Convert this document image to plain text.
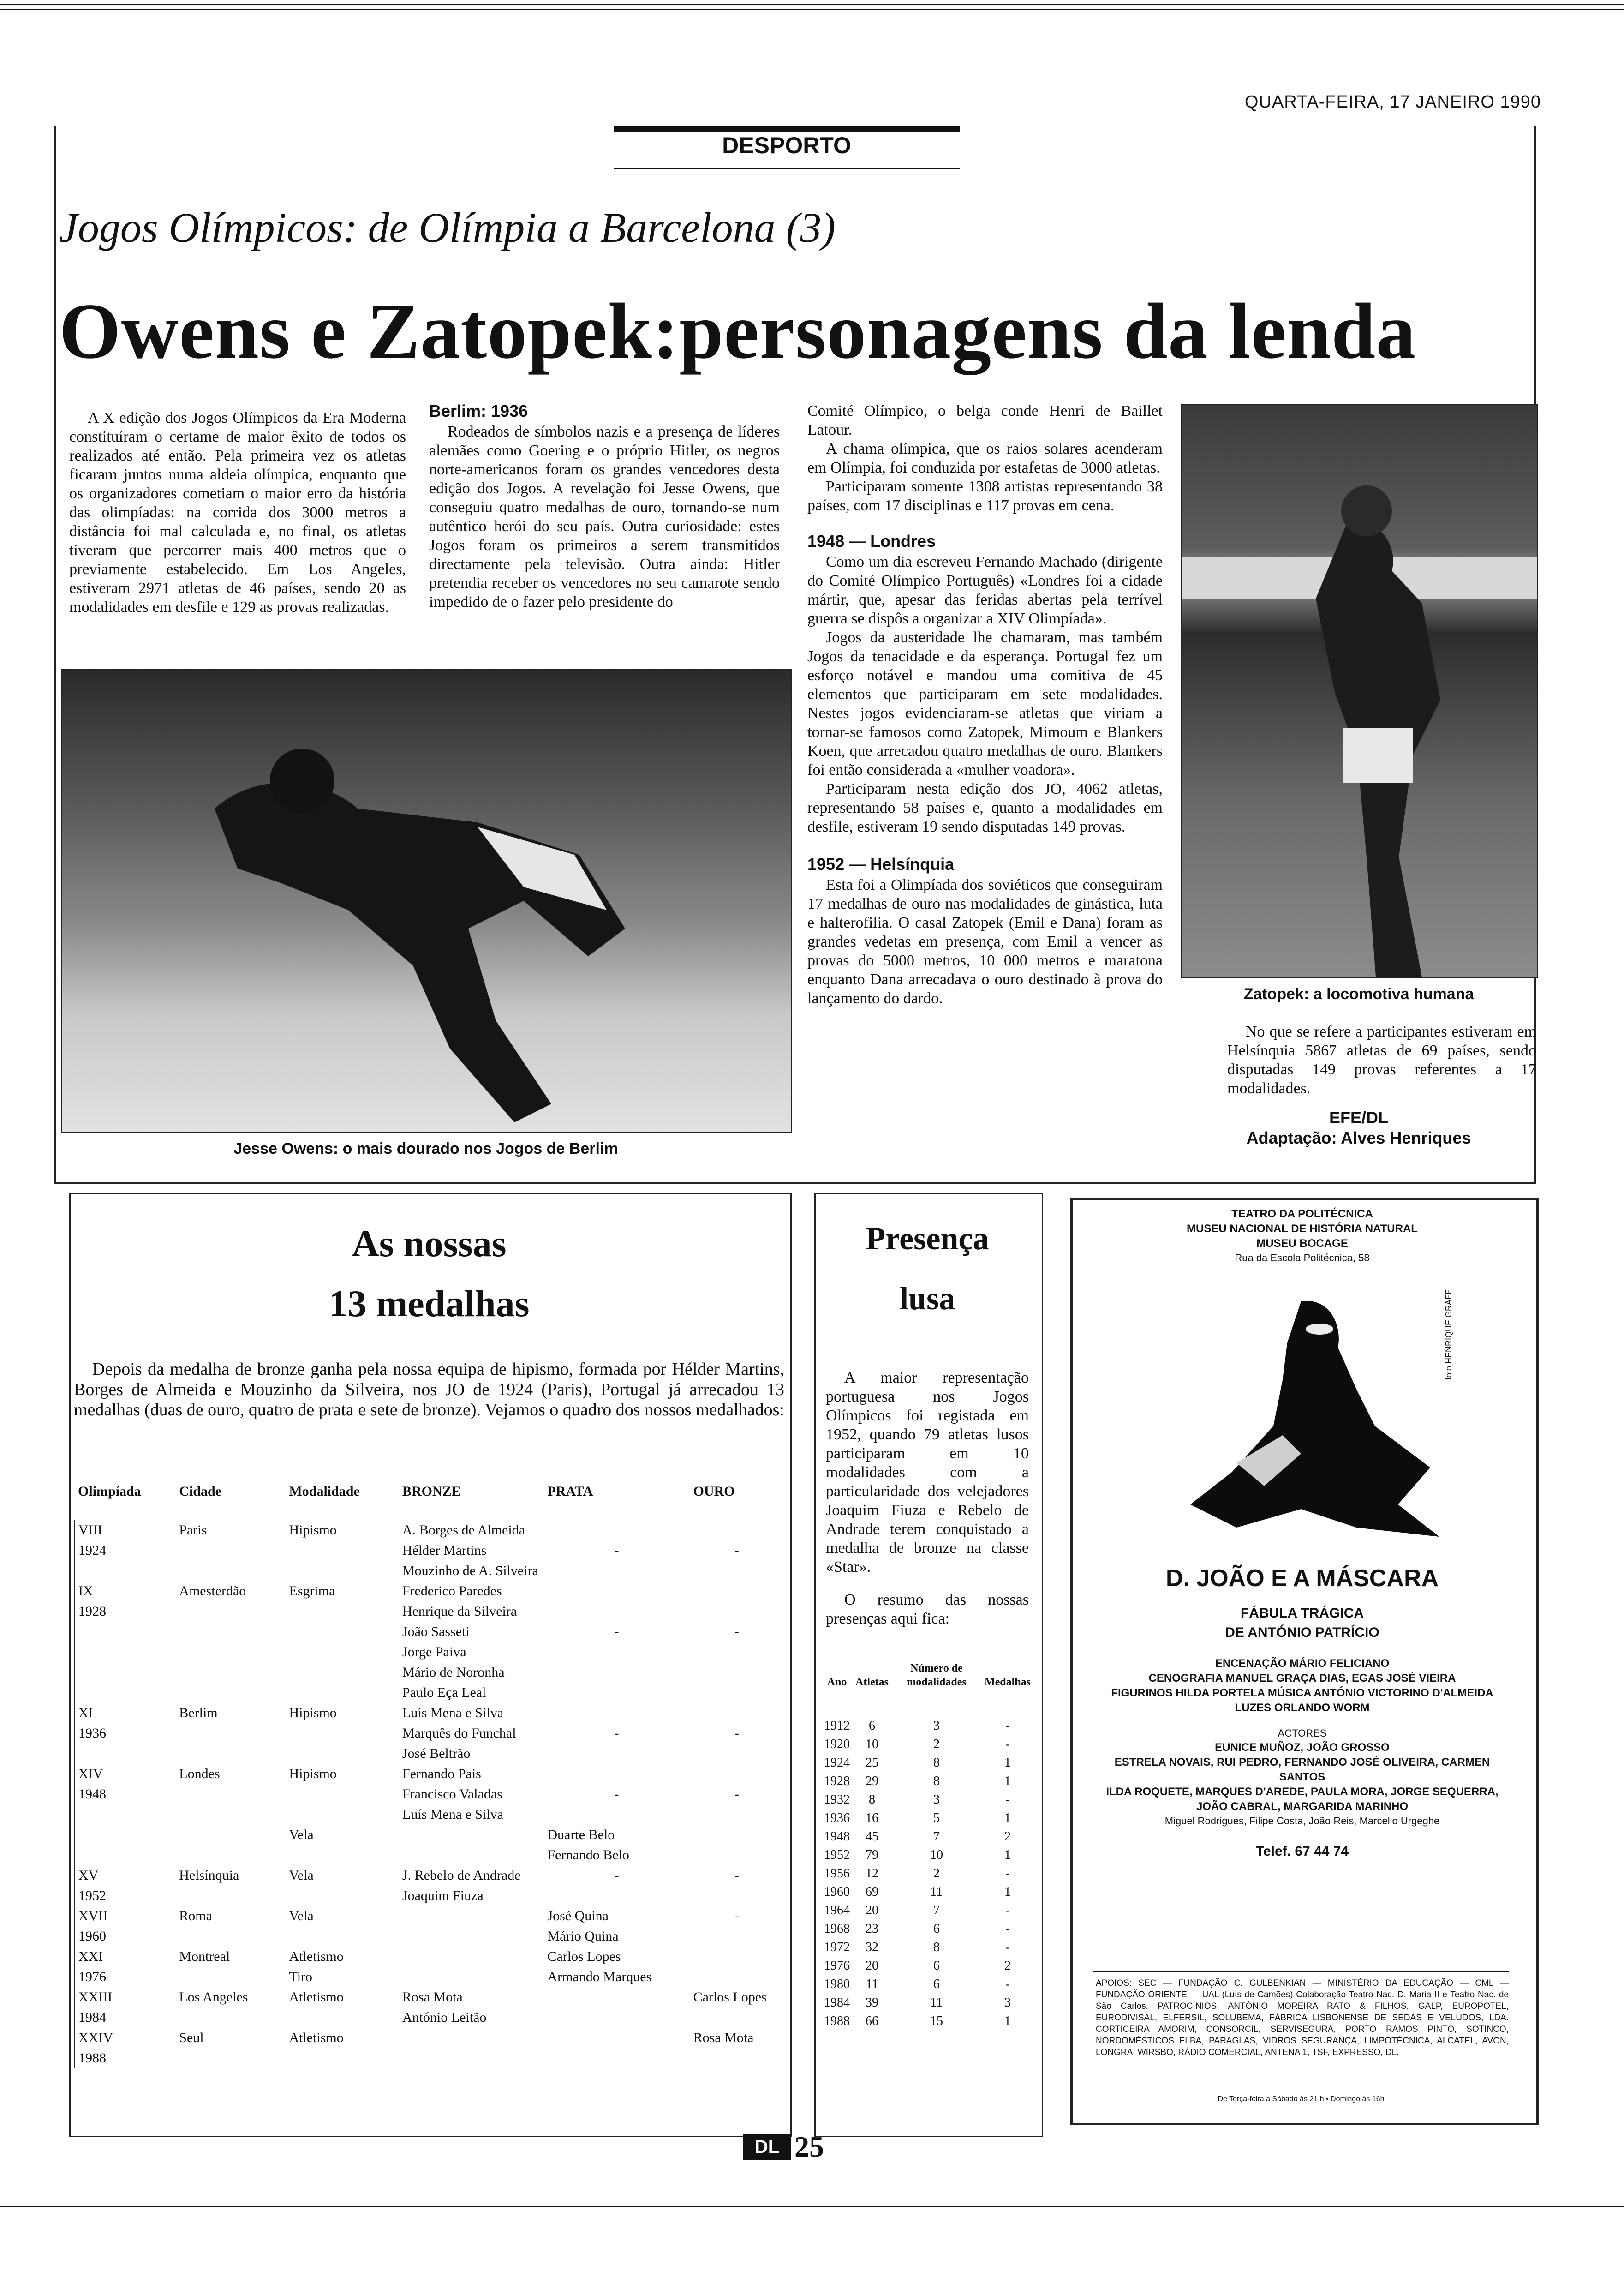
QUARTA-FEIRA, 17 JANEIRO 1990
DESPORTO
Jogos Olímpicos: de Olímpia a Barcelona (3)
Owens e Zatopek:personagens da lenda

A X edição dos Jogos Olímpicos da Era Moderna constituíram o certame de maior êxito de todos os realizados até então. Pela primeira vez os atletas ficaram juntos numa aldeia olímpica, enquanto que os organizadores cometiam o maior erro da história das olimpíadas: na corrida dos 3000 metros a distância foi mal calculada e, no final, os atletas tiveram que percorrer mais 400 metros que o previamente estabelecido. Em Los Angeles, estiveram 2971 atletas de 46 países, sendo 20 as modalidades em desfile e 129 as provas realizadas.

Berlim: 1936

Rodeados de símbolos nazis e a presença de líderes alemães como Goering e o próprio Hitler, os negros norte-americanos foram os grandes vencedores desta edição dos Jogos. A revelação foi Jesse Owens, que conseguiu quatro medalhas de ouro, tornando-se num autêntico herói do seu país. Outra curiosidade: estes Jogos foram os primeiros a serem transmitidos directamente pela televisão. Outra ainda: Hitler pretendia receber os vencedores no seu camarote sendo impedido de o fazer pelo presidente do

Comité Olímpico, o belga conde Henri de Baillet Latour.

A chama olímpica, que os raios solares acenderam em Olímpia, foi conduzida por estafetas de 3000 atletas.

Participaram somente 1308 artistas representando 38 países, com 17 disciplinas e 117 provas em cena.

1948 — Londres

Como um dia escreveu Fernando Machado (dirigente do Comité Olímpico Português) «Londres foi a cidade mártir, que, apesar das feridas abertas pela terrível guerra se dispôs a organizar a XIV Olimpíada».

Jogos da austeridade lhe chamaram, mas também Jogos da tenacidade e da esperança. Portugal fez um esforço notável e mandou uma comitiva de 45 elementos que participaram em sete modalidades. Nestes jogos evidenciaram-se atletas que viriam a tornar-se famosos como Zatopek, Mimoum e Blankers Koen, que arrecadou quatro medalhas de ouro. Blankers foi então considerada a «mulher voadora».

Participaram nesta edição dos JO, 4062 atletas, representando 58 países e, quanto a modalidades em desfile, estiveram 19 sendo disputadas 149 provas.

1952 — Helsínquia

Esta foi a Olimpíada dos soviéticos que conseguiram 17 medalhas de ouro nas modalidades de ginástica, luta e halterofilia. O casal Zatopek (Emil e Dana) foram as grandes vedetas em presença, com Emil a vencer as provas do 5000 metros, 10 000 metros e maratona enquanto Dana arrecadava o ouro destinado à prova do lançamento do dardo.	Zatopek: a locomotiva humana

No que se refere a participantes estiveram em Helsínquia 5867 atletas de 69 países, sendo disputadas 149 provas referentes a 17 modalidades.

EFE/DL
Adaptação: Alves Henriques
Jesse Owens: o mais dourado nos Jogos de Berlim
As nossas
13 medalhas

Depois da medalha de bronze ganha pela nossa equipa de hipismo, formada por Hélder Martins, Borges de Almeida e Mouzinho da Silveira, nos JO de 1924 (Paris), Portugal já arrecadou 13 medalhas (duas de ouro, quatro de prata e sete de bronze). Vejamos o quadro dos nossos medalhados:

Olimpíada	Cidade	Modalidade	BRONZE	PRATA	OURO
VIII	Paris	Hipismo	A. Borges de Almeida		
1924			Hélder Martins	-	-
			Mouzinho de A. Silveira		
IX	Amesterdão	Esgrima	Frederico Paredes		
1928			Henrique da Silveira		
			João Sasseti	-	-
			Jorge Paiva		
			Mário de Noronha		
			Paulo Eça Leal		
XI	Berlim	Hipismo	Luís Mena e Silva		
1936			Marquês do Funchal	-	-
			José Beltrão		
XIV	Londes	Hipismo	Fernando Pais		
1948			Francisco Valadas	-	-
			Luís Mena e Silva		
		Vela		Duarte Belo	
				Fernando Belo	
XV	Helsínquia	Vela	J. Rebelo de Andrade	-	-
1952			Joaquim Fiuza		
XVII	Roma	Vela		José Quina	-
1960				Mário Quina	
XXI	Montreal	Atletismo		Carlos Lopes	
1976		Tiro		Armando Marques	
XXIII	Los Angeles	Atletismo	Rosa Mota		Carlos Lopes
1984			António Leitão		
XXIV	Seul	Atletismo			Rosa Mota
1988					
Presença
lusa

A maior representação portuguesa nos Jogos Olímpicos foi registada em 1952, quando 79 atletas lusos participaram em 10 modalidades com a particularidade dos velejadores Joaquim Fiuza e Rebelo de Andrade terem conquistado a medalha de bronze na classe «Star».

O resumo das nossas presenças aqui fica:

Ano	Atletas	Número de modalidades	Medalhas
1912	6	3	-
1920	10	2	-
1924	25	8	1
1928	29	8	1
1932	8	3	-
1936	16	5	1
1948	45	7	2
1952	79	10	1
1956	12	2	-
1960	69	11	1
1964	20	7	-
1968	23	6	-
1972	32	8	-
1976	20	6	2
1980	11	6	-
1984	39	11	3
1988	66	15	1
TEATRO DA POLITÉCNICA
MUSEU NACIONAL DE HISTÓRIA NATURAL
MUSEU BOCAGE
Rua da Escola Politécnica, 58
foto HENRIQUE GRAFF
D. JOÃO E A MÁSCARA
FÁBULA TRÁGICA
DE ANTÓNIO PATRÍCIO
ENCENAÇÃO MÁRIO FELICIANO
CENOGRAFIA MANUEL GRAÇA DIAS, EGAS JOSÉ VIEIRA
FIGURINOS HILDA PORTELA MÚSICA ANTÓNIO VICTORINO D'ALMEIDA
LUZES ORLANDO WORM
ACTORES
EUNICE MUÑOZ, JOÃO GROSSO
ESTRELA NOVAIS, RUI PEDRO, FERNANDO JOSÉ OLIVEIRA, CARMEN SANTOS
ILDA ROQUETE, MARQUES D'AREDE, PAULA MORA, JORGE SEQUERRA, JOÃO CABRAL, MARGARIDA MARINHO
Miguel Rodrigues, Filipe Costa, João Reis, Marcello Urgeghe
Telef. 67 44 74
APOIOS: SEC — FUNDAÇÃO C. GULBENKIAN — MINISTÉRIO DA EDUCAÇÃO — CML — FUNDAÇÃO ORIENTE — UAL (Luís de Camões) Colaboração Teatro Nac. D. Maria II e Teatro Nac. de São Carlos. PATROCÍNIOS: ANTÓNIO MOREIRA RATO & FILHOS, GALP, EUROPOTEL, EURODIVISAL, ELFERSIL, SOLUBEMA, FÁBRICA LISBONENSE DE SEDAS E VELUDOS, LDA. CORTICEIRA AMORIM, CONSORCIL, SERVISEGURA, PORTO RAMOS PINTO, SOTINCO, NORDOMÉSTICOS ELBA, PARAGLAS, VIDROS SEGURANÇA, LIMPOTÉCNICA, ALCATEL, AVON, LONGRA, WIRSBO, RÁDIO COMERCIAL, ANTENA 1, TSF, EXPRESSO, DL.
De Terça-feira a Sábado às 21 h • Domingo às 16h
DL 25
